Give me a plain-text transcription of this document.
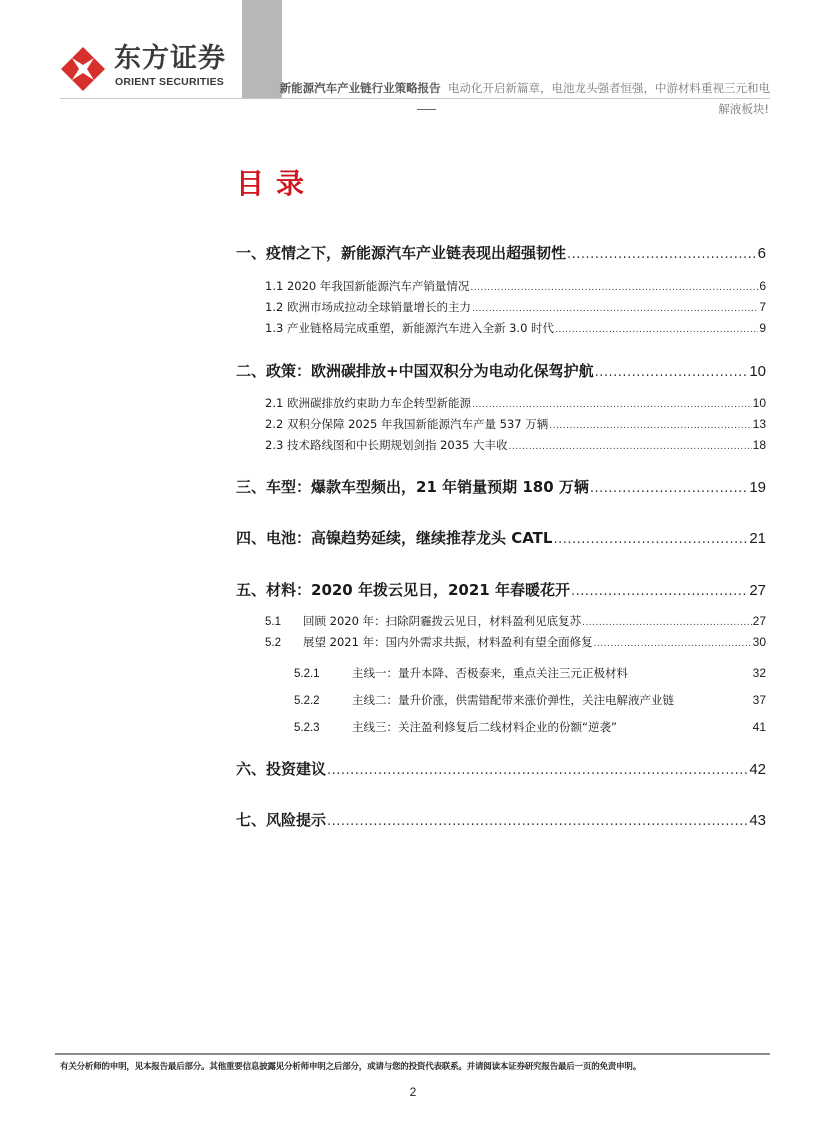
东方证券
ORIENT SECURITIES	新能源汽车产业链行业策略报告 电动化开启新篇章，电池龙头强者恒强，中游材料重视三元和电
解液板块!
目录
一、疫情之下，新能源汽车产业链表现出超强韧性 .....	6
1.1 2020 年我国新能源汽车产销量情况 .....	6
1.2 欧洲市场成拉动全球销量增长的主力 .....	7
1.3 产业链格局完成重塑，新能源汽车进入全新 3.0 时代 .....	9
二、政策：欧洲碳排放+中国双积分为电动化保驾护航 .....	10
2.1 欧洲碳排放约束助力车企转型新能源 .....	10
2.2 双积分保障 2025 年我国新能源汽车产量 537 万辆 .....	13
2.3 技术路线图和中长期规划剑指 2035 大丰收 .....	18
三、车型：爆款车型频出，21 年销量预期 180 万辆 .....	19
四、电池：高镍趋势延续，继续推荐龙头 CATL .....	21
五、材料：2020 年拨云见日，2021 年春暖花开 .....	27
5.1 回顾 2020 年：扫除阴霾拨云见日，材料盈利见底复苏 .....	27
5.2 展望 2021 年：国内外需求共振，材料盈利有望全面修复 .....	30
5.2.1	主线一：量升本降、否极泰来，重点关注三元正极材料	32
5.2.2	主线二：量升价涨，供需错配带来涨价弹性，关注电解液产业链	37
5.2.3	主线三：关注盈利修复后二线材料企业的份额“逆袭”	41
六、投资建议 .....	42
七、风险提示 .....	43
有关分析师的申明，见本报告最后部分。其他重要信息披露见分析师申明之后部分，或请与您的投资代表联系。并请阅读本证券研究报告最后一页的免责申明。
2
